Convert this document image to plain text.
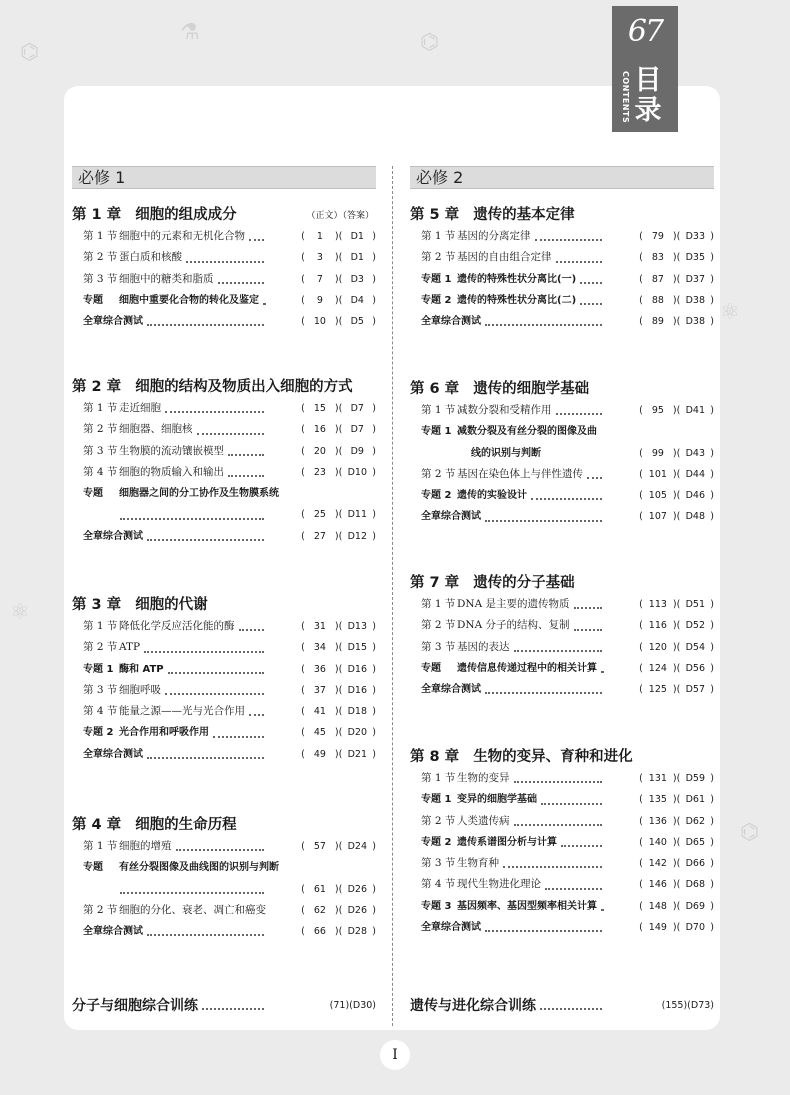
⌬
⚗	⌬
⚛
⚛
⌬
67
CONTENTS 目录
必修 1
第 1 章 细胞的组成成分	（正文）（答案）
第 1 节 细胞中的元素和无机化合物	( 1 )( D1 )
第 2 节 蛋白质和核酸	( 3 )( D1 )
第 3 节 细胞中的糖类和脂质	( 7 )( D3 )
专题 细胞中重要化合物的转化及鉴定	( 9 )( D4 )
全章综合测试	( 10 )( D5 )
第 2 章 细胞的结构及物质出入细胞的方式
第 1 节 走近细胞	( 15 )( D7 )
第 2 节 细胞器、细胞核	( 16 )( D7 )
第 3 节 生物膜的流动镶嵌模型	( 20 )( D9 )
第 4 节 细胞的物质输入和输出	( 23 )( D10 )
专题 细胞器之间的分工协作及生物膜系统
( 25 )( D11 )
全章综合测试	( 27 )( D12 )
第 3 章 细胞的代谢
第 1 节 降低化学反应活化能的酶	( 31 )( D13 )
第 2 节 ATP	( 34 )( D15 )
专题 1 酶和 ATP	( 36 )( D16 )
第 3 节 细胞呼吸	( 37 )( D16 )
第 4 节 能量之源——光与光合作用	( 41 )( D18 )
专题 2 光合作用和呼吸作用	( 45 )( D20 )
全章综合测试	( 49 )( D21 )
第 4 章 细胞的生命历程
第 1 节 细胞的增殖	( 57 )( D24 )
专题 有丝分裂图像及曲线图的识别与判断
( 61 )( D26 )
第 2 节 细胞的分化、衰老、凋亡和癌变	( 62 )( D26 )
全章综合测试	( 66 )( D28 )
分子与细胞综合训练	(71)(D30)
必修 2
第 5 章 遗传的基本定律
第 1 节 基因的分离定律	( 79 )( D33 )
第 2 节 基因的自由组合定律	( 83 )( D35 )
专题 1 遗传的特殊性状分离比(一)	( 87 )( D37 )
专题 2 遗传的特殊性状分离比(二)	( 88 )( D38 )
全章综合测试	( 89 )( D38 )
第 6 章 遗传的细胞学基础
第 1 节 减数分裂和受精作用	( 95 )( D41 )
专题 1 减数分裂及有丝分裂的图像及曲
线的识别与判断	( 99 )( D43 )
第 2 节 基因在染色体上与伴性遗传	( 101 )( D44 )
专题 2 遗传的实验设计	( 105 )( D46 )
全章综合测试	( 107 )( D48 )
第 7 章 遗传的分子基础
第 1 节 DNA 是主要的遗传物质	( 113 )( D51 )
第 2 节 DNA 分子的结构、复制	( 116 )( D52 )
第 3 节 基因的表达	( 120 )( D54 )
专题 遗传信息传递过程中的相关计算	( 124 )( D56 )
全章综合测试	( 125 )( D57 )
第 8 章 生物的变异、育种和进化
第 1 节 生物的变异	( 131 )( D59 )
专题 1 变异的细胞学基础	( 135 )( D61 )
第 2 节 人类遗传病	( 136 )( D62 )
专题 2 遗传系谱图分析与计算	( 140 )( D65 )
第 3 节 生物育种	( 142 )( D66 )
第 4 节 现代生物进化理论	( 146 )( D68 )
专题 3 基因频率、基因型频率相关计算	( 148 )( D69 )
全章综合测试	( 149 )( D70 )
遗传与进化综合训练	(155)(D73)
I
